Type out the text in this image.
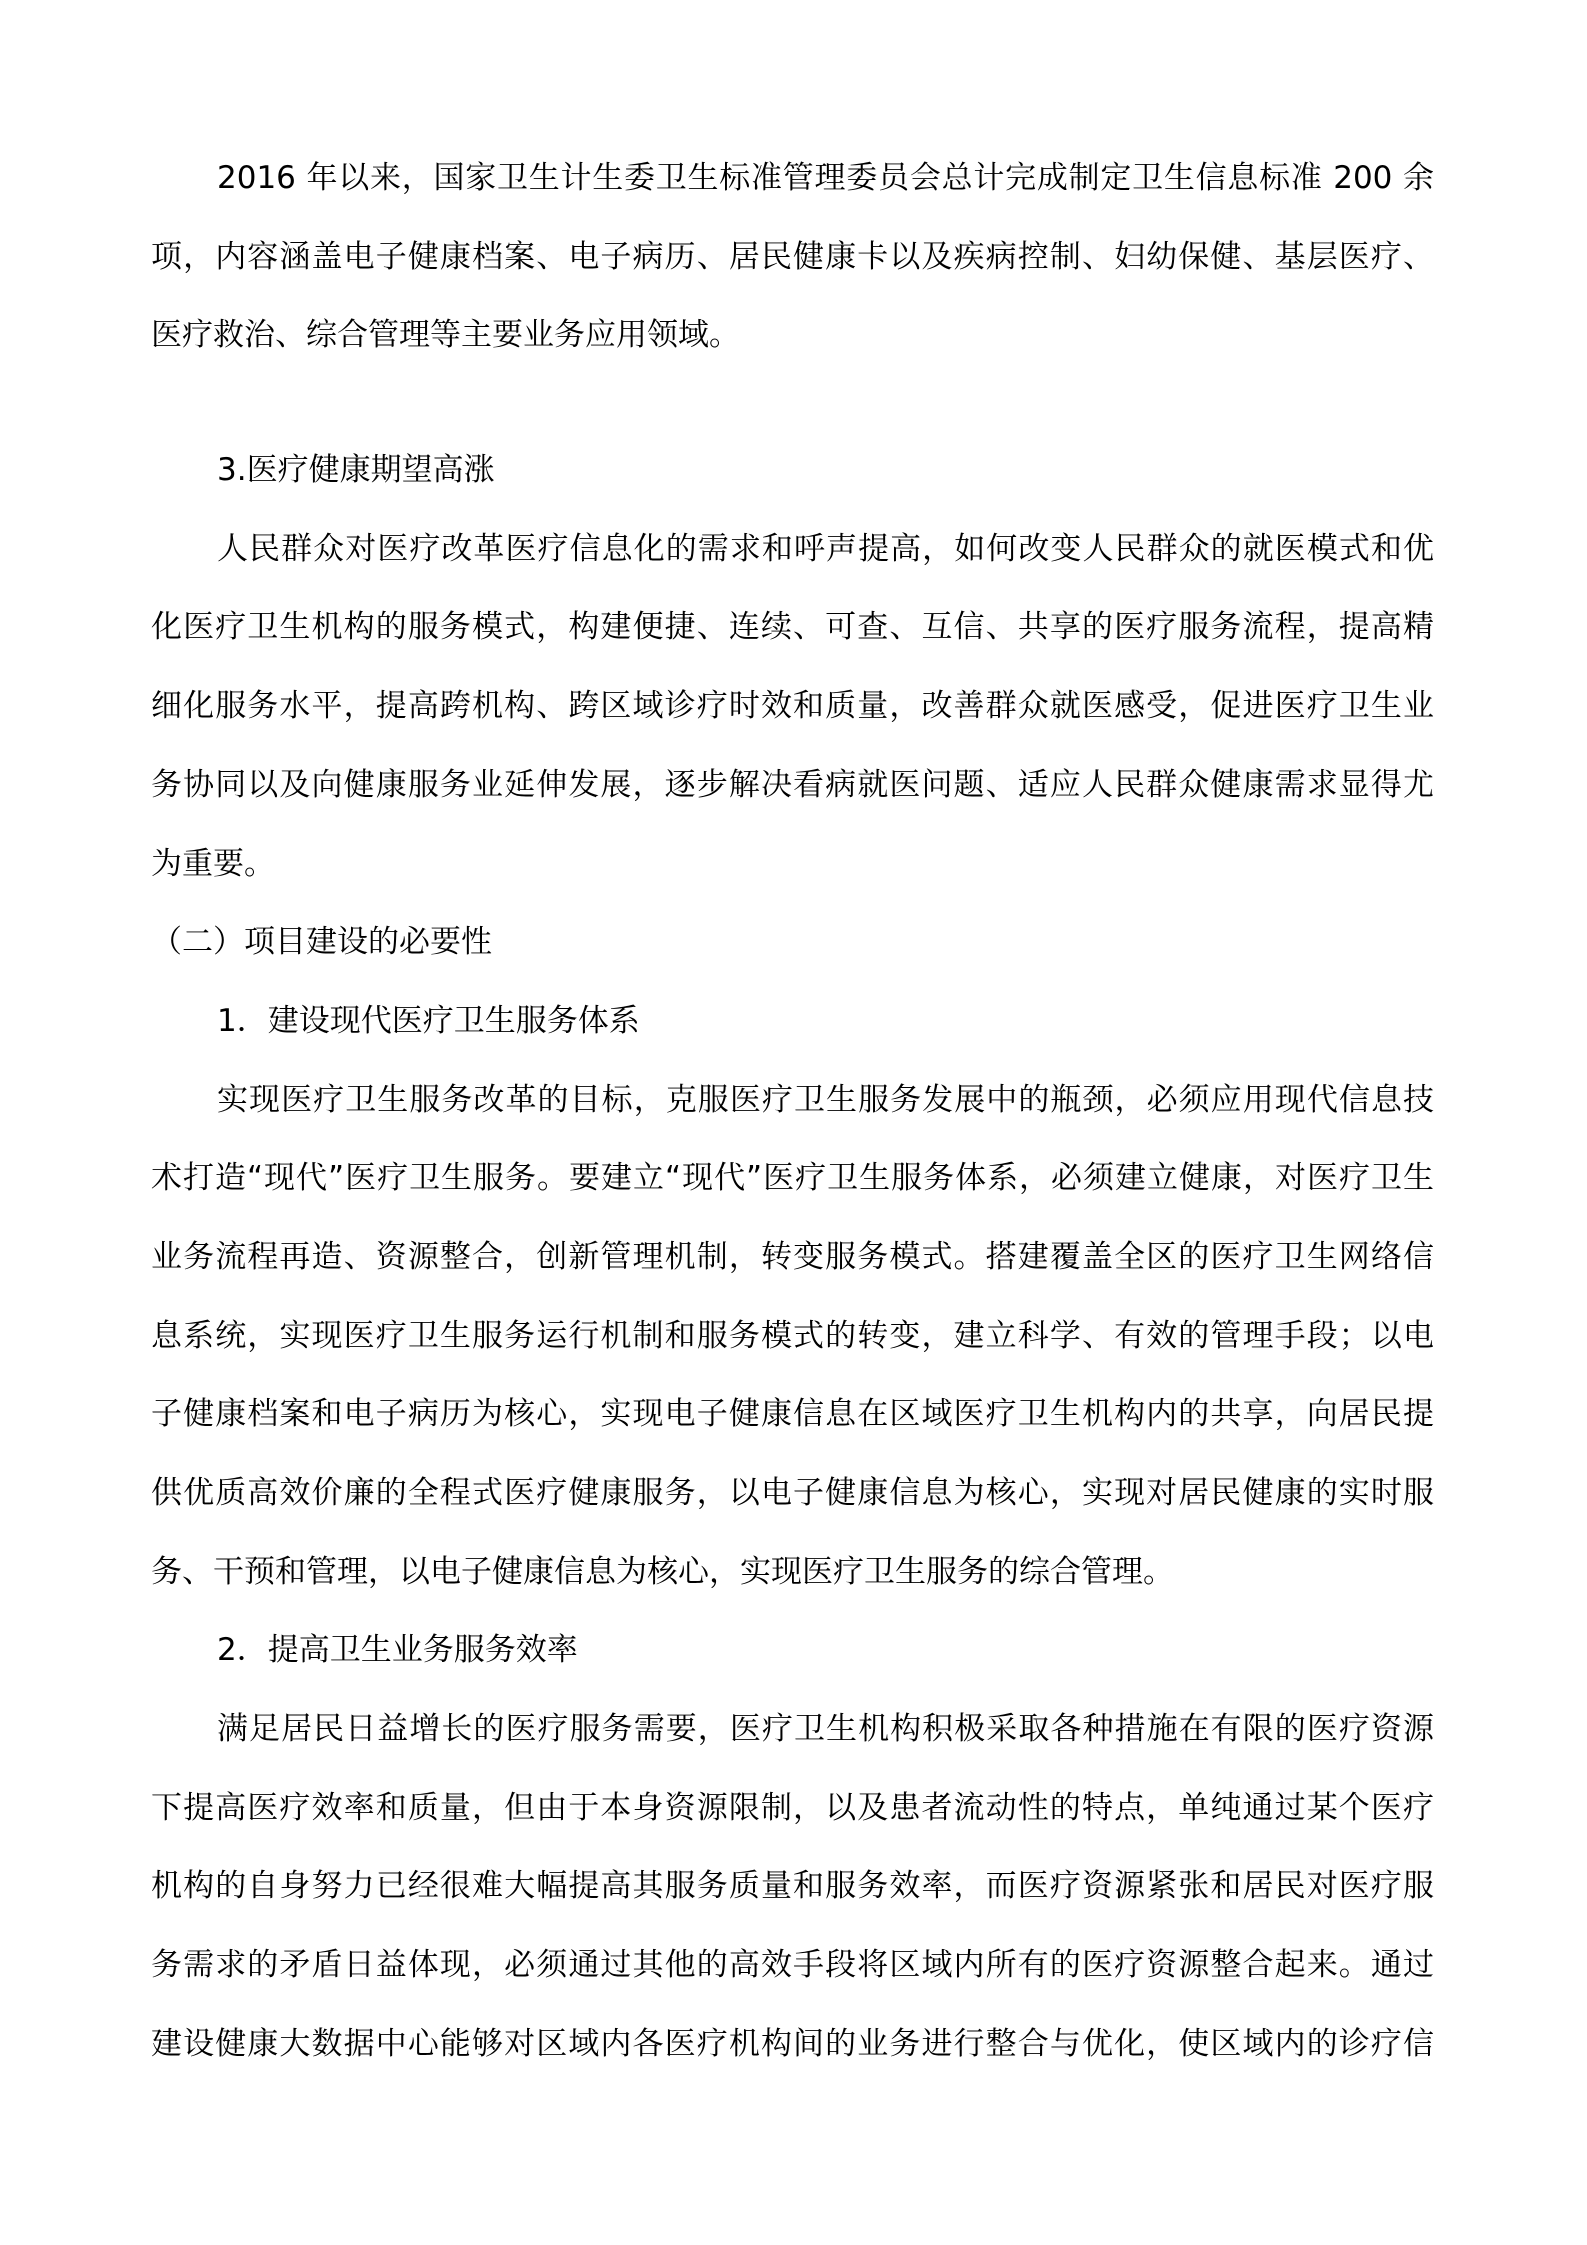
2016 年以来，国家卫生计生委卫生标准管理委员会总计完成制定卫生信息标准 200 余
项，内容涵盖电子健康档案、电子病历、居民健康卡以及疾病控制、妇幼保健、基层医疗、
医疗救治、综合管理等主要业务应用领域。
3.医疗健康期望高涨
人民群众对医疗改革医疗信息化的需求和呼声提高，如何改变人民群众的就医模式和优
化医疗卫生机构的服务模式，构建便捷、连续、可查、互信、共享的医疗服务流程，提高精
细化服务水平，提高跨机构、跨区域诊疗时效和质量，改善群众就医感受，促进医疗卫生业
务协同以及向健康服务业延伸发展，逐步解决看病就医问题、适应人民群众健康需求显得尤
为重要。
（二）项目建设的必要性
1．建设现代医疗卫生服务体系
实现医疗卫生服务改革的目标，克服医疗卫生服务发展中的瓶颈，必须应用现代信息技
术打造“现代”医疗卫生服务。要建立“现代”医疗卫生服务体系，必须建立健康，对医疗卫生
业务流程再造、资源整合，创新管理机制，转变服务模式。搭建覆盖全区的医疗卫生网络信
息系统，实现医疗卫生服务运行机制和服务模式的转变，建立科学、有效的管理手段；以电
子健康档案和电子病历为核心，实现电子健康信息在区域医疗卫生机构内的共享，向居民提
供优质高效价廉的全程式医疗健康服务，以电子健康信息为核心，实现对居民健康的实时服
务、干预和管理，以电子健康信息为核心，实现医疗卫生服务的综合管理。
2．提高卫生业务服务效率
满足居民日益增长的医疗服务需要，医疗卫生机构积极采取各种措施在有限的医疗资源
下提高医疗效率和质量，但由于本身资源限制，以及患者流动性的特点，单纯通过某个医疗
机构的自身努力已经很难大幅提高其服务质量和服务效率，而医疗资源紧张和居民对医疗服
务需求的矛盾日益体现，必须通过其他的高效手段将区域内所有的医疗资源整合起来。通过
建设健康大数据中心能够对区域内各医疗机构间的业务进行整合与优化，使区域内的诊疗信
